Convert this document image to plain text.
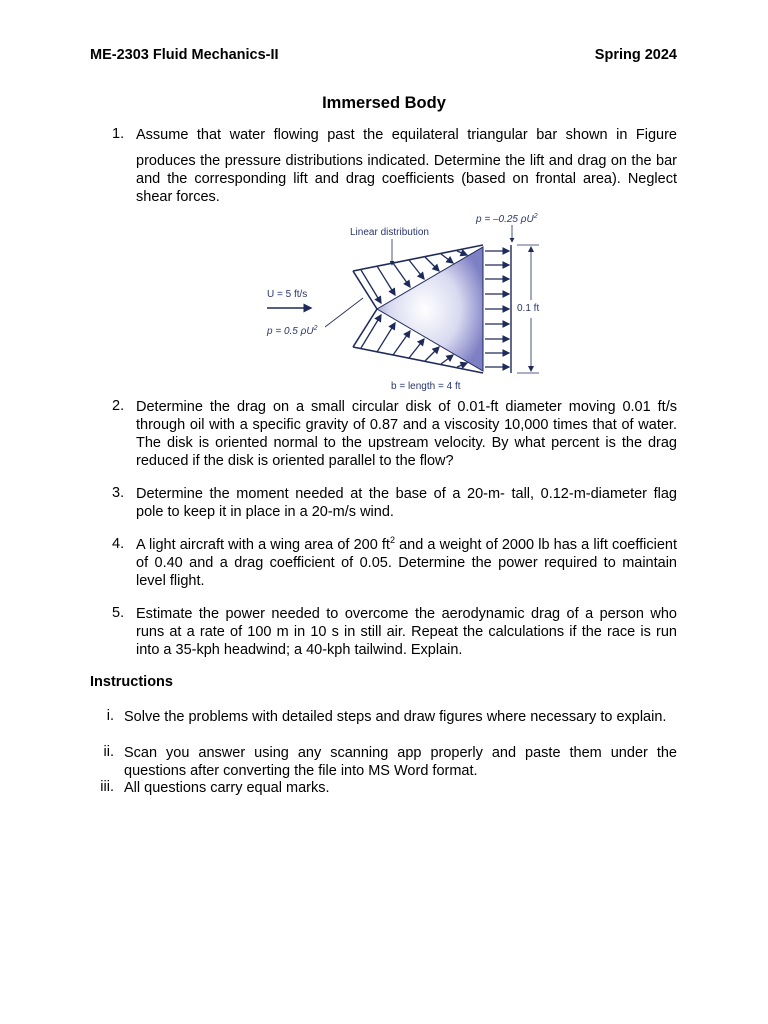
ME-2303 Fluid Mechanics-II	Spring 2024
Immersed Body
1. Assume that water flowing past the equilateral triangular bar shown in Figure
produces the pressure distributions indicated. Determine the lift and drag on the bar and the corresponding lift and drag coefficients (based on frontal area). Neglect shear forces.
Linear distribution
p = –0.25 $\rho U^2$
U = 5 ft/s
p = 0.5 $\rho U^2$
0.1 ft
b = length = 4 ft
2. Determine the drag on a small circular disk of 0.01-ft diameter moving 0.01 ft/s through oil with a specific gravity of 0.87 and a viscosity 10,000 times that of water. The disk is oriented normal to the upstream velocity. By what percent is the drag reduced if the disk is oriented parallel to the flow?
3. Determine the moment needed at the base of a 20-m- tall, 0.12-m-diameter flag pole to keep it in place in a 20-m/s wind.
4. A light aircraft with a wing area of 200 $ft^2$ and a weight of 2000 lb has a lift coefficient of 0.40 and a drag coefficient of 0.05. Determine the power required to maintain level flight.
5. Estimate the power needed to overcome the aerodynamic drag of a person who runs at a rate of 100 m in 10 s in still air. Repeat the calculations if the race is run into a 35-kph headwind; a 40-kph tailwind. Explain.
Instructions
i. Solve the problems with detailed steps and draw figures where necessary to explain.
ii. Scan you answer using any scanning app properly and paste them under the questions after converting the file into MS Word format.
iii. All questions carry equal marks.
